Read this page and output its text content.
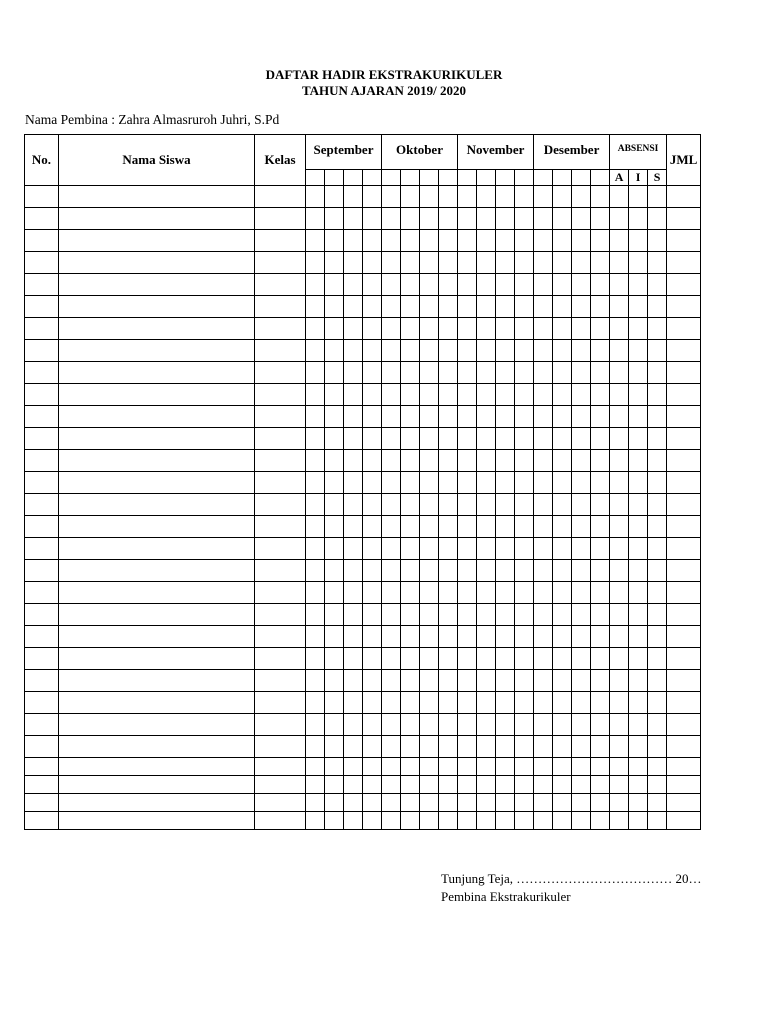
DAFTAR HADIR EKSTRAKURIKULER
TAHUN AJARAN 2019/ 2020
Nama Pembina : Zahra Almasruroh Juhri, S.Pd
No.	Nama Siswa	Kelas	September				Oktober				November				Desember				ABSENSI			JML
																			A	I	S	

Tunjung Teja, ……………………………… 20…
Pembina Ekstrakurikuler
